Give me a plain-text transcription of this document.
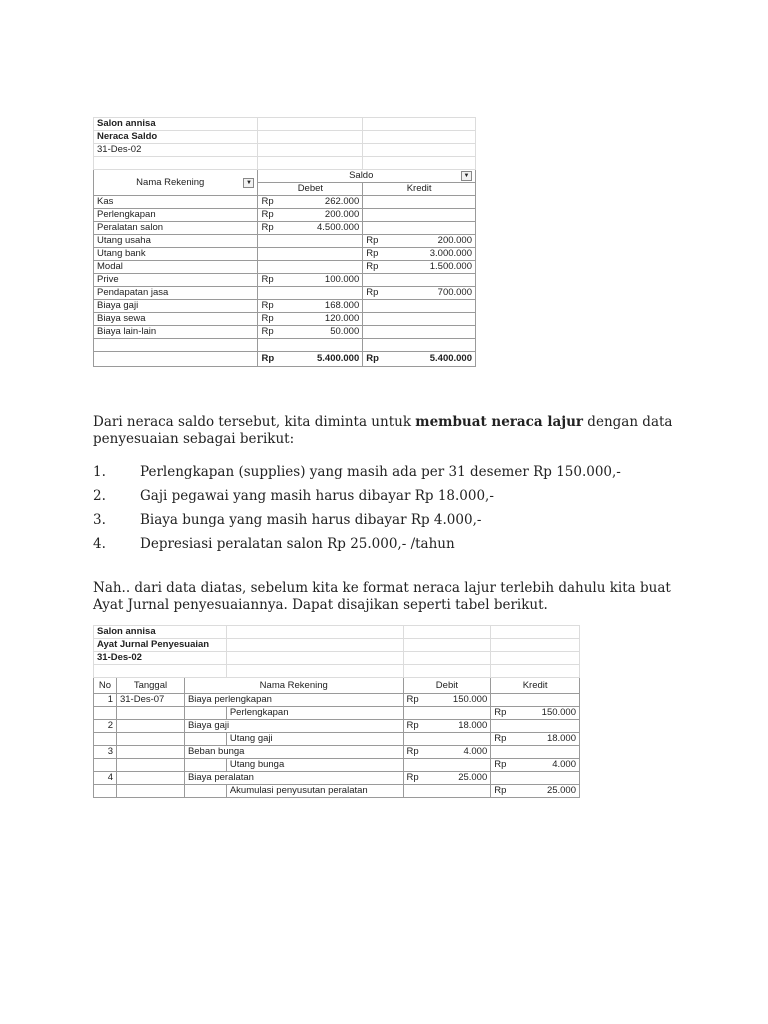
Salon annisa				
Neraca Saldo				
31-Des-02				

Nama Rekening ▼	Saldo ▼			

	Debet		Kredit	
Kas	Rp	262.000		
Perlengkapan	Rp	200.000		
Peralatan salon	Rp	4.500.000		
Utang usaha			Rp	200.000
Utang bank			Rp	3.000.000
Modal			Rp	1.500.000
Prive	Rp	100.000		
Pendapatan jasa			Rp	700.000
Biaya gaji	Rp	168.000		
Biaya sewa	Rp	120.000		
Biaya lain-lain	Rp	50.000		

	Rp	5.400.000	Rp	5.400.000
Dari neraca saldo tersebut, kita diminta untuk membuat neraca lajur dengan data penyesuaian sebagai berikut:
1.	Perlengkapan (supplies) yang masih ada per 31 desemer Rp 150.000,-
2.	Gaji pegawai yang masih harus dibayar Rp 18.000,-
3.	Biaya bunga yang masih harus dibayar Rp 4.000,-
4.	Depresiasi peralatan salon Rp 25.000,- /tahun
Nah.. dari data diatas, sebelum kita ke format neraca lajur terlebih dahulu kita buat Ayat Jurnal penyesuaiannya. Dapat disajikan seperti tabel berikut.
Salon annisa							
Ayat Jurnal Penyesuaian							
31-Des-02							

No	Tanggal	Nama Rekening		Debit		Kredit	
1	31-Des-07	Biaya perlengkapan		Rp	150.000		
			Perlengkapan			Rp	150.000
2		Biaya gaji		Rp	18.000		
			Utang gaji			Rp	18.000
3		Beban bunga		Rp	4.000		
			Utang bunga			Rp	4.000
4		Biaya peralatan		Rp	25.000		
			Akumulasi penyusutan peralatan			Rp	25.000
